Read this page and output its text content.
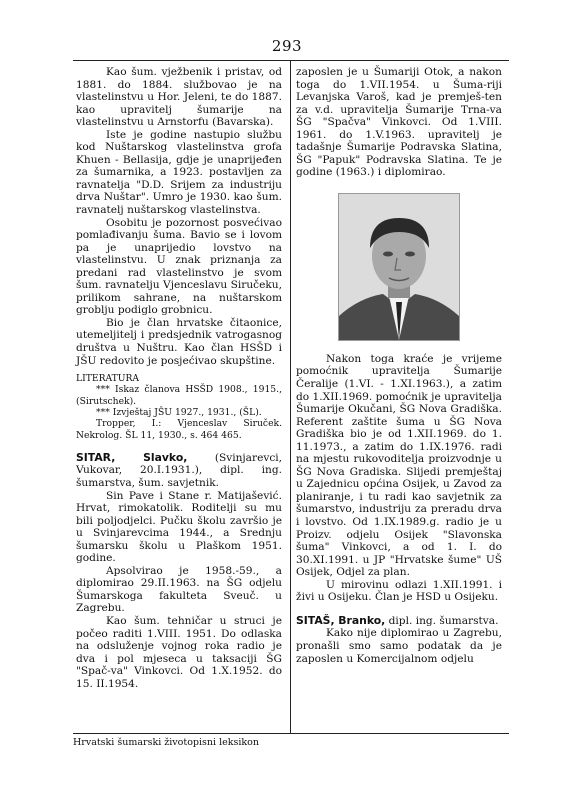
293

Kao šum. vježbenik i pristav, od 1881. do 1884. službovao je na vlastelinstvu u Hor. Jeleni, te do 1887. kao upravitelj šumarije na vlastelinstvu u Arnstorfu (Bavarska).

Iste je godine nastupio službu kod Nuštarskog vlastelinstva grofa Khuen - Bellasija, gdje je unaprijeđen za šumarnika, a 1923. postavljen za ravnatelja "D.D. Srijem za industriju drva Nuštar". Umro je 1930. kao šum. ravnatelj nuštarskog vlastelinstva.

Osobitu je pozornost posvećivao pomlađivanju šuma. Bavio se i lovom pa je unaprijedio lovstvo na vlastelinstvu. U znak priznanja za predani rad vlastelinstvo je svom šum. ravnatelju Vjenceslavu Siručeku, prilikom sahrane, na nuštarskom groblju podiglo grobnicu.

Bio je član hrvatske čitaonice, utemeljitelj i predsjednik vatrogasnog društva u Nuštru. Kao član HSŠD i JŠU redovito je posjećivao skupštine.

LITERATURA

*** Iskaz članova HSŠD 1908., 1915., (Sirutschek).

*** Izvještaj JŠU 1927., 1931., (ŠL).

Tropper, I.: Vjenceslav Siruček. Nekrolog. ŠL 11, 1930., s. 464 465.

SITAR, Slavko, (Svinjarevci, Vukovar, 20.I.1931.), dipl. ing. šumarstva, šum. savjetnik.

Sin Pave i Stane r. Matijašević. Hrvat, rimokatolik. Roditelji su mu bili poljodjelci. Pučku školu završio je u Svinjarevcima 1944., a Srednju šumarsku školu u Plaškom 1951. godine.

Apsolvirao je 1958.-59., a diplomirao 29.II.1963. na ŠG odjelu Šumarskoga fakulteta Sveuč. u Zagrebu.

Kao šum. tehničar u struci je počeo raditi 1.VIII. 1951. Do odlaska na odsluženje vojnog roka radio je dva i pol mjeseca u taksaciji ŠG "Spač-va" Vinkovci. Od 1.X.1952. do 15. II.1954.

zaposlen je u Šumariji Otok, a nakon toga do 1.VII.1954. u Šuma-riji Levanjska Varoš, kad je premješ-ten za v.d. upravitelja Šumarije Trna-va ŠG "Spačva" Vinkovci. Od 1.VIII. 1961. do 1.V.1963. upravitelj je tadašnje Šumarije Podravska Slatina, ŠG "Papuk" Podravska Slatina. Te je godine (1963.) i diplomirao.

Nakon toga kraće je vrijeme pomoćnik upravitelja Šumarije Čeralije (1.VI. - 1.XI.1963.), a zatim do 1.XII.1969. pomoćnik je upravitelja Šumarije Okučani, ŠG Nova Gradiška. Referent zaštite šuma u ŠG Nova Gradiška bio je od 1.XII.1969. do 1. 11.1973., a zatim do 1.IX.1976. radi na mjestu rukovoditelja proizvodnje u ŠG Nova Gradiska. Slijedi premještaj u Zajednicu općina Osijek, u Zavod za planiranje, i tu radi kao savjetnik za šumarstvo, industriju za preradu drva i lovstvo. Od 1.IX.1989.g. radio je u Proizv. odjelu Osijek "Slavonska šuma" Vinkovci, a od 1. I. do 30.XI.1991. u JP "Hrvatske šume" UŠ Osijek, Odjel za plan.

U mirovinu odlazi 1.XII.1991. i živi u Osijeku. Član je HSD u Osijeku.

SITAŠ, Branko, dipl. ing. šumarstva.

Kako nije diplomirao u Zagrebu, pronašli smo samo podatak da je zaposlen u Komercijalnom odjelu

Hrvatski šumarski životopisni leksikon
